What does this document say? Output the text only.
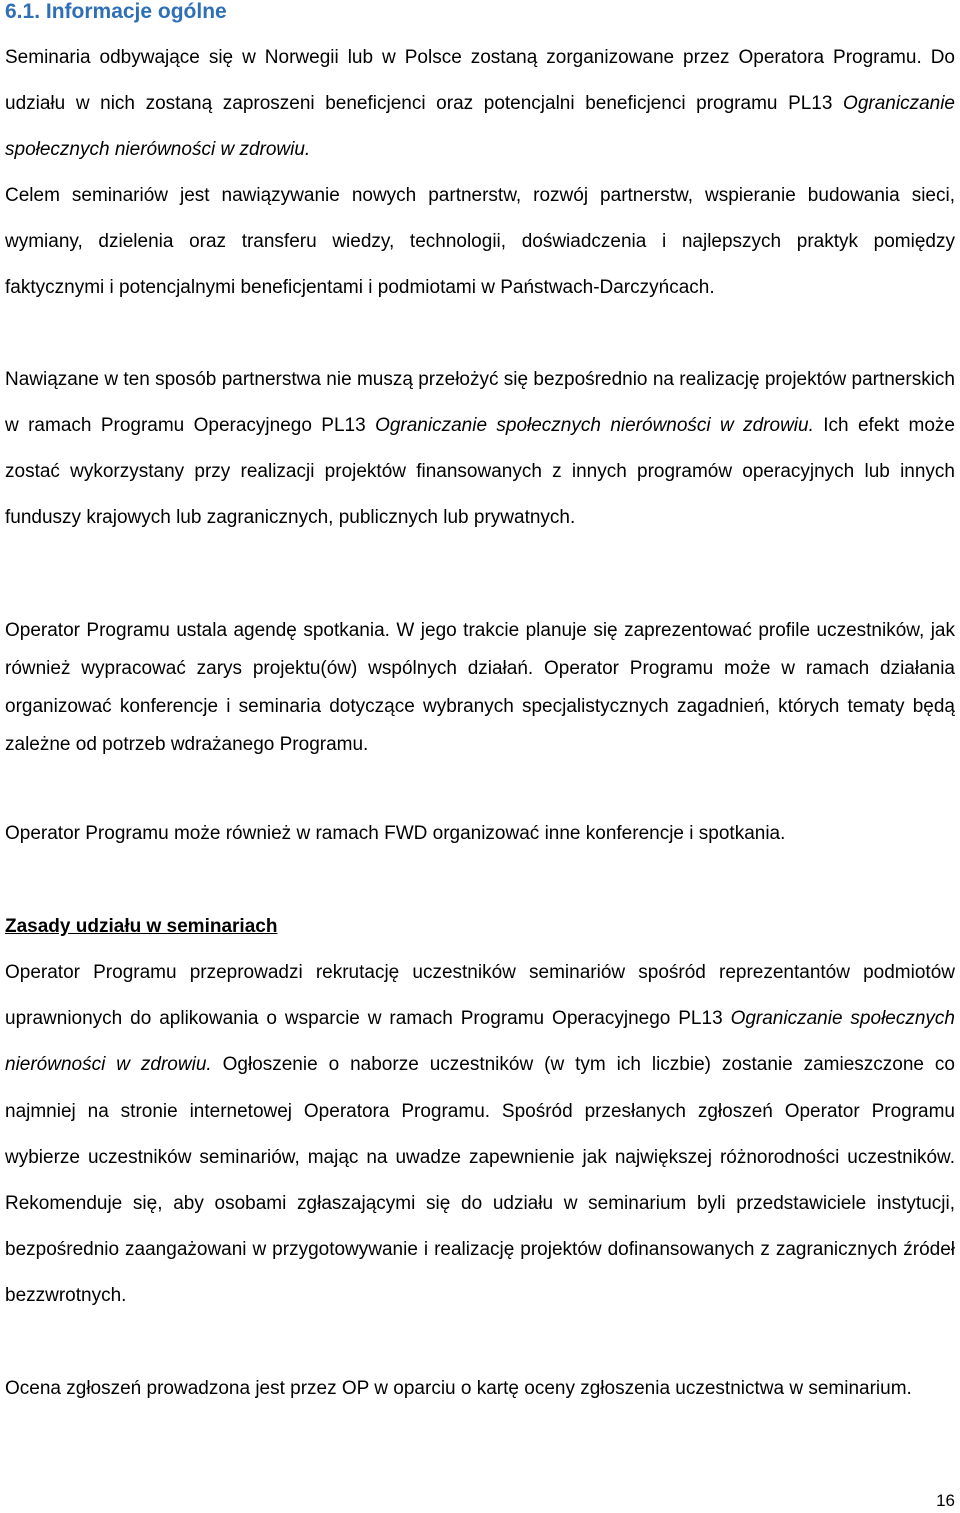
6.1. Informacje ogólne

Seminaria odbywające się w Norwegii lub w Polsce zostaną zorganizowane przez Operatora Programu. Do udziału w nich zostaną zaproszeni beneficjenci oraz potencjalni beneficjenci programu PL13 Ograniczanie społecznych nierówności w zdrowiu.

Celem seminariów jest nawiązywanie nowych partnerstw, rozwój partnerstw, wspieranie budowania sieci, wymiany, dzielenia oraz transferu wiedzy, technologii, doświadczenia i najlepszych praktyk pomiędzy faktycznymi i potencjalnymi beneficjentami i podmiotami w Państwach-Darczyńcach.

Nawiązane w ten sposób partnerstwa nie muszą przełożyć się bezpośrednio na realizację projektów partnerskich w ramach Programu Operacyjnego PL13 Ograniczanie społecznych nierówności w zdrowiu. Ich efekt może zostać wykorzystany przy realizacji projektów finansowanych z innych programów operacyjnych lub innych funduszy krajowych lub zagranicznych, publicznych lub prywatnych.

Operator Programu ustala agendę spotkania. W jego trakcie planuje się zaprezentować profile uczestników, jak również wypracować zarys projektu(ów) wspólnych działań. Operator Programu może w ramach działania organizować konferencje i seminaria dotyczące wybranych specjalistycznych zagadnień, których tematy będą zależne od potrzeb wdrażanego Programu.

Operator Programu może również w ramach FWD organizować inne konferencje i spotkania.

Zasady udziału w seminariach

Operator Programu przeprowadzi rekrutację uczestników seminariów spośród reprezentantów podmiotów uprawnionych do aplikowania o wsparcie w ramach Programu Operacyjnego PL13 Ograniczanie społecznych nierówności w zdrowiu. Ogłoszenie o naborze uczestników (w tym ich liczbie) zostanie zamieszczone co najmniej na stronie internetowej Operatora Programu. Spośród przesłanych zgłoszeń Operator Programu wybierze uczestników seminariów, mając na uwadze zapewnienie jak największej różnorodności uczestników. Rekomenduje się, aby osobami zgłaszającymi się do udziału w seminarium byli przedstawiciele instytucji, bezpośrednio zaangażowani w przygotowywanie i realizację projektów dofinansowanych z zagranicznych źródeł bezzwrotnych.

Ocena zgłoszeń prowadzona jest przez OP w oparciu o kartę oceny zgłoszenia uczestnictwa w seminarium.

16
